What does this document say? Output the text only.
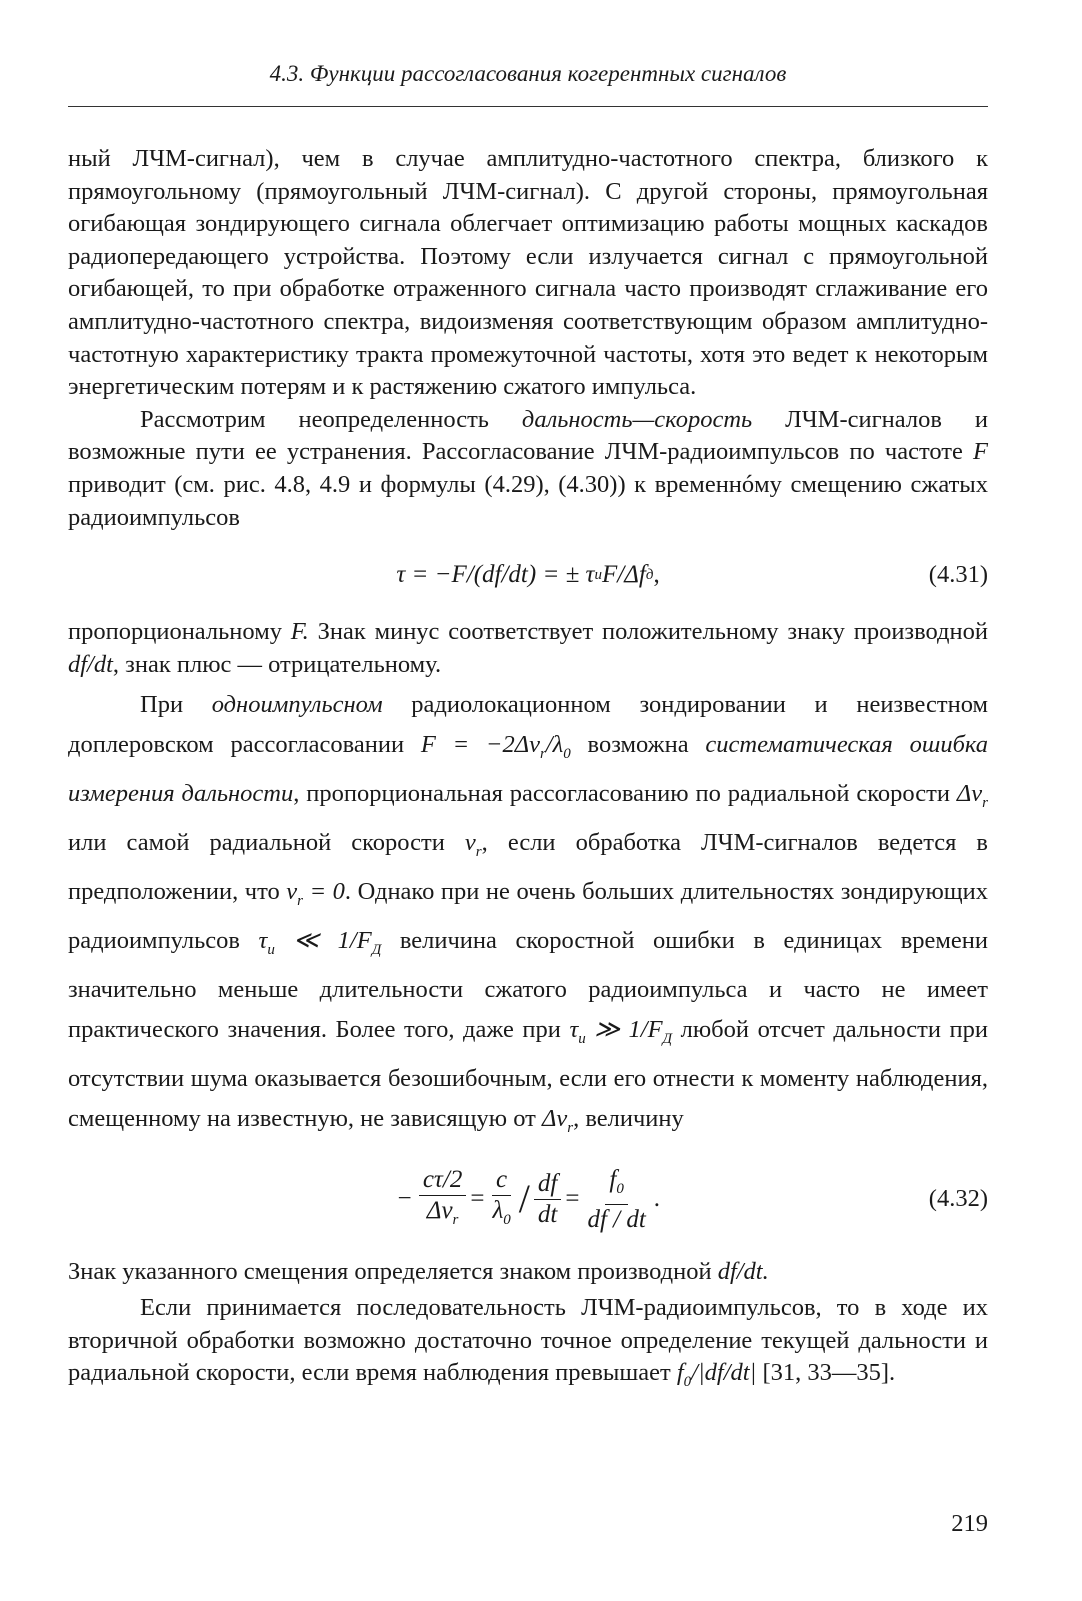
4.3. Функции рассогласования когерентных сигналов

ный ЛЧМ-сигнал), чем в случае амплитудно-частотного спектра, близкого к прямоугольному (прямоугольный ЛЧМ-сигнал). С другой стороны, прямоугольная огибающая зондирующего сигнала облегчает оптимизацию работы мощных каскадов радиопередающего устройства. Поэтому если излучается сигнал с прямоугольной огибающей, то при обработке отраженного сигнала часто производят сглаживание его амплитудно-частотного спектра, видоизменяя соответствующим образом амплитудно-частотную характеристику тракта промежуточной частоты, хотя это ведет к некоторым энергетическим потерям и к растяжению сжатого импульса.

Рассмотрим неопределенность дальность—скорость ЛЧМ-сигналов и возможные пути ее устранения. Рассогласование ЛЧМ-радиоимпульсов по частоте F приводит (см. рис. 4.8, 4.9 и формулы (4.29), (4.30)) к временнóму смещению сжатых радиоимпульсов

τ = −F/(df/dt) = ± τ и F/Δf д ,	(4.31)

пропорциональному F. Знак минус соответствует положительному знаку производной df/dt, знак плюс — отрицательному.

При одноимпульсном радиолокационном зондировании и неизвестном доплеровском рассогласовании $F = -2\Delta v_r/\lambda_0$ возможна систематическая ошибка измерения дальности, пропорциональная рассогласованию по радиальной скорости $\Delta v_r$ или самой радиальной скорости $v_r$, если обработка ЛЧМ-сигналов ведется в предположении, что $v_r = 0$. Однако при не очень больших длительностях зондирующих радиоимпульсов $\tau_и$ ≪ $1/F_Д$ величина скоростной ошибки в единицах времени значительно меньше длительности сжатого радиоимпульса и часто не имеет практического значения. Более того, даже при $\tau_и$ ≫ $1/F_Д$ любой отсчет дальности при отсутствии шума оказывается безошибочным, если его отнести к моменту наблюдения, смещенному на известную, не зависящую от $\Delta v_r$, величину

− $\frac{c\tau/2}{\Delta v_r} = \frac{c}{\lambda_0} / \frac{df}{dt} = \frac{f_0}{df / dt}$ .	(4.32)

Знак указанного смещения определяется знаком производной df/dt.

Если принимается последовательность ЛЧМ-радиоимпульсов, то в ходе их вторичной обработки возможно достаточно точное определение текущей дальности и радиальной скорости, если время наблюдения превышает $f_0/|df/dt|$ [31, 33—35].

219
